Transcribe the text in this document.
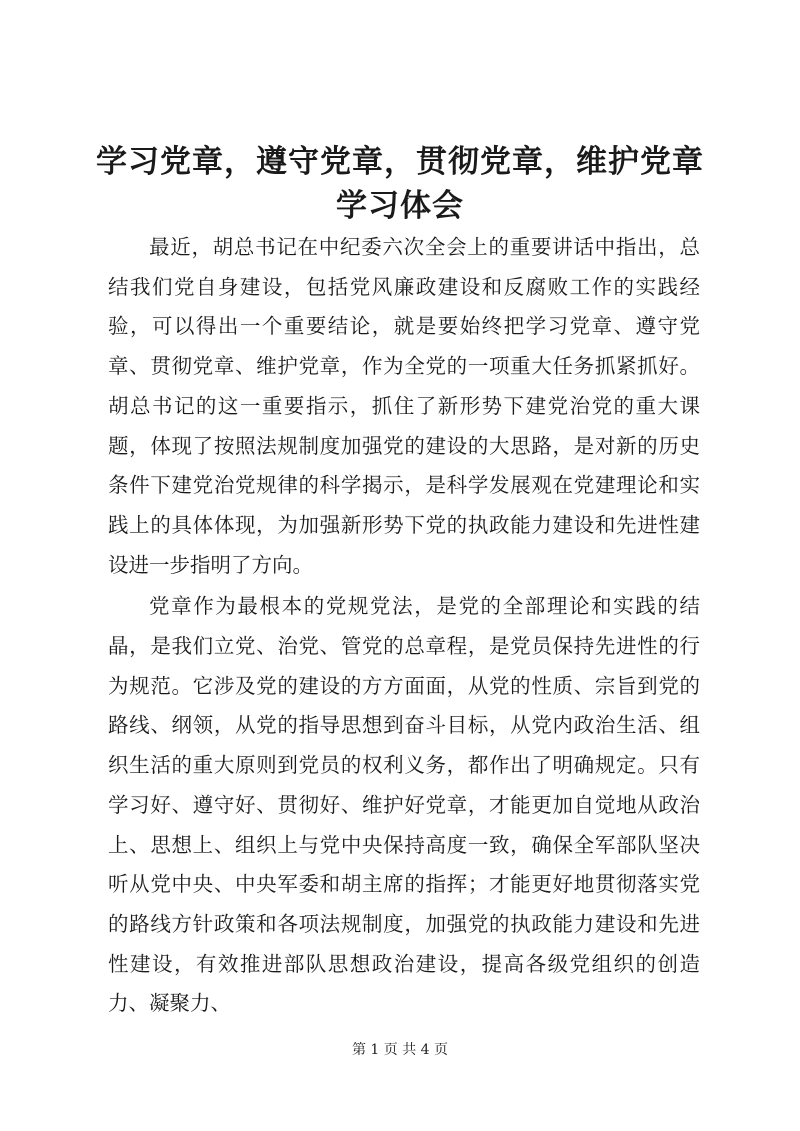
学习党章，遵守党章，贯彻党章，维护党章学习体会

最近，胡总书记在中纪委六次全会上的重要讲话中指出，总结我们党自身建设，包括党风廉政建设和反腐败工作的实践经验，可以得出一个重要结论，就是要始终把学习党章、遵守党章、贯彻党章、维护党章，作为全党的一项重大任务抓紧抓好。胡总书记的这一重要指示，抓住了新形势下建党治党的重大课题，体现了按照法规制度加强党的建设的大思路，是对新的历史条件下建党治党规律的科学揭示，是科学发展观在党建理论和实践上的具体体现，为加强新形势下党的执政能力建设和先进性建设进一步指明了方向。

党章作为最根本的党规党法，是党的全部理论和实践的结晶，是我们立党、治党、管党的总章程，是党员保持先进性的行为规范。它涉及党的建设的方方面面，从党的性质、宗旨到党的路线、纲领，从党的指导思想到奋斗目标，从党内政治生活、组织生活的重大原则到党员的权利义务，都作出了明确规定。只有学习好、遵守好、贯彻好、维护好党章，才能更加自觉地从政治上、思想上、组织上与党中央保持高度一致，确保全军部队坚决听从党中央、中央军委和胡主席的指挥；才能更好地贯彻落实党的路线方针政策和各项法规制度，加强党的执政能力建设和先进性建设，有效推进部队思想政治建设，提高各级党组织的创造力、凝聚力、

第 1 页 共 4 页
